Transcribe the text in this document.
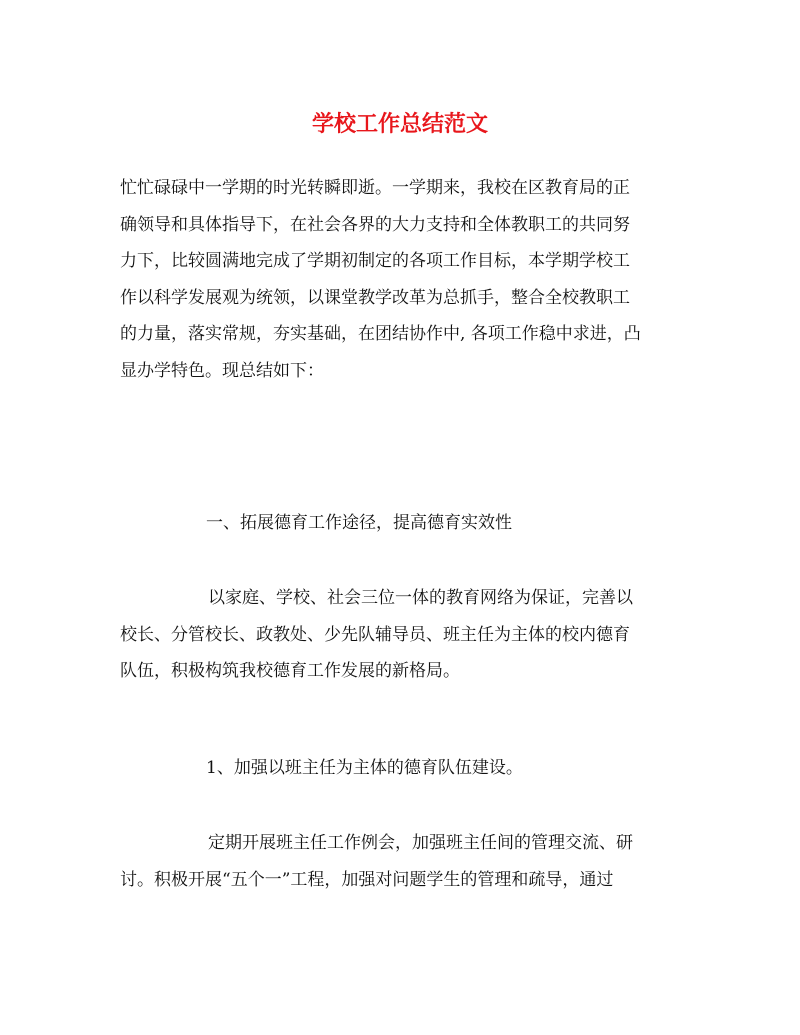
学校工作总结范文
忙忙碌碌中一学期的时光转瞬即逝。一学期来，我校在区教育局的正
确领导和具体指导下，在社会各界的大力支持和全体教职工的共同努
力下，比较圆满地完成了学期初制定的各项工作目标，本学期学校工
作以科学发展观为统领，以课堂教学改革为总抓手，整合全校教职工
的力量，落实常规，夯实基础，在团结协作中, 各项工作稳中求进，凸
显办学特色。现总结如下：

一、拓展德育工作途径，提高德育实效性

以家庭、学校、社会三位一体的教育网络为保证，完善以
校长、分管校长、政教处、少先队辅导员、班主任为主体的校内德育
队伍，积极构筑我校德育工作发展的新格局。

1、加强以班主任为主体的德育队伍建设。

定期开展班主任工作例会，加强班主任间的管理交流、研
讨。积极开展“五个一”工程，加强对问题学生的管理和疏导，通过
